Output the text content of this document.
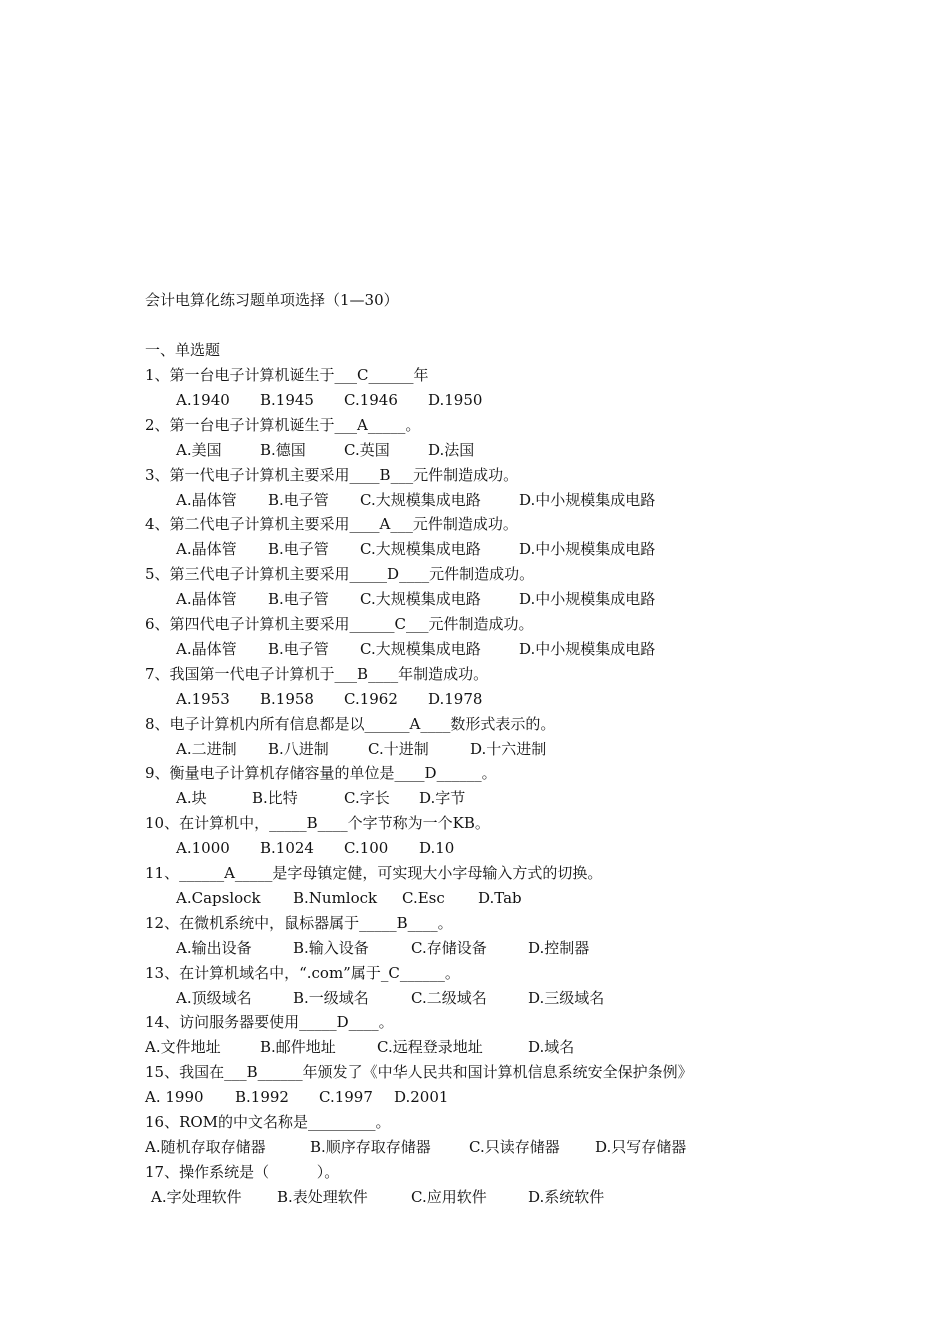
会计电算化练习题单项选择（1—30）
一、单选题
1、第一台电子计算机诞生于___C______年
A.1940 B.1945 C.1946 D.1950
2、第一台电子计算机诞生于___A_____。
A.美国	B.德国	C.英国	D.法国
3、第一代电子计算机主要采用____B___元件制造成功。
A.晶体管 B.电子管 C.大规模集成电路	D.中小规模集成电路
4、第二代电子计算机主要采用____A___元件制造成功。
A.晶体管 B.电子管 C.大规模集成电路	D.中小规模集成电路
5、第三代电子计算机主要采用_____D____元件制造成功。
A.晶体管 B.电子管 C.大规模集成电路	D.中小规模集成电路
6、第四代电子计算机主要采用______C___元件制造成功。
A.晶体管 B.电子管 C.大规模集成电路	D.中小规模集成电路
7、我国第一代电子计算机于___B____年制造成功。
A.1953 B.1958 C.1962 D.1978
8、电子计算机内所有信息都是以______A____数形式表示的。
A.二进制 B.八进制	C.十进制	D.十六进制
9、衡量电子计算机存储容量的单位是____D______。
A.块	B.比特	C.字长 D.字节
10、在计算机中，_____B____个字节称为一个KB。
A.1000 B.1024 C.100 D.10
11、______A_____是字母镇定健，可实现大小字母输入方式的切换。
A.Capslock B.Numlock C.Esc D.Tab
12、在微机系统中，鼠标器属于_____B____。
A.输出设备	B.输入设备	C.存储设备	D.控制器
13、在计算机域名中，“.com”属于_C______。
A.顶级域名	B.一级域名	C.二级域名	D.三级域名
14、访问服务器要使用_____D____。
A.文件地址	B.邮件地址	C.远程登录地址	D.域名
15、我国在___B______年颁发了《中华人民共和国计算机信息系统安全保护条例》
A. 1990 B.1992 C.1997 D.2001
16、ROM的中文名称是_________。
A.随机存取存储器	B.顺序存取存储器	C.只读存储器 D.只写存储器
17、操作系统是（          ）。
A.字处理软件 B.表处理软件	C.应用软件	D.系统软件
